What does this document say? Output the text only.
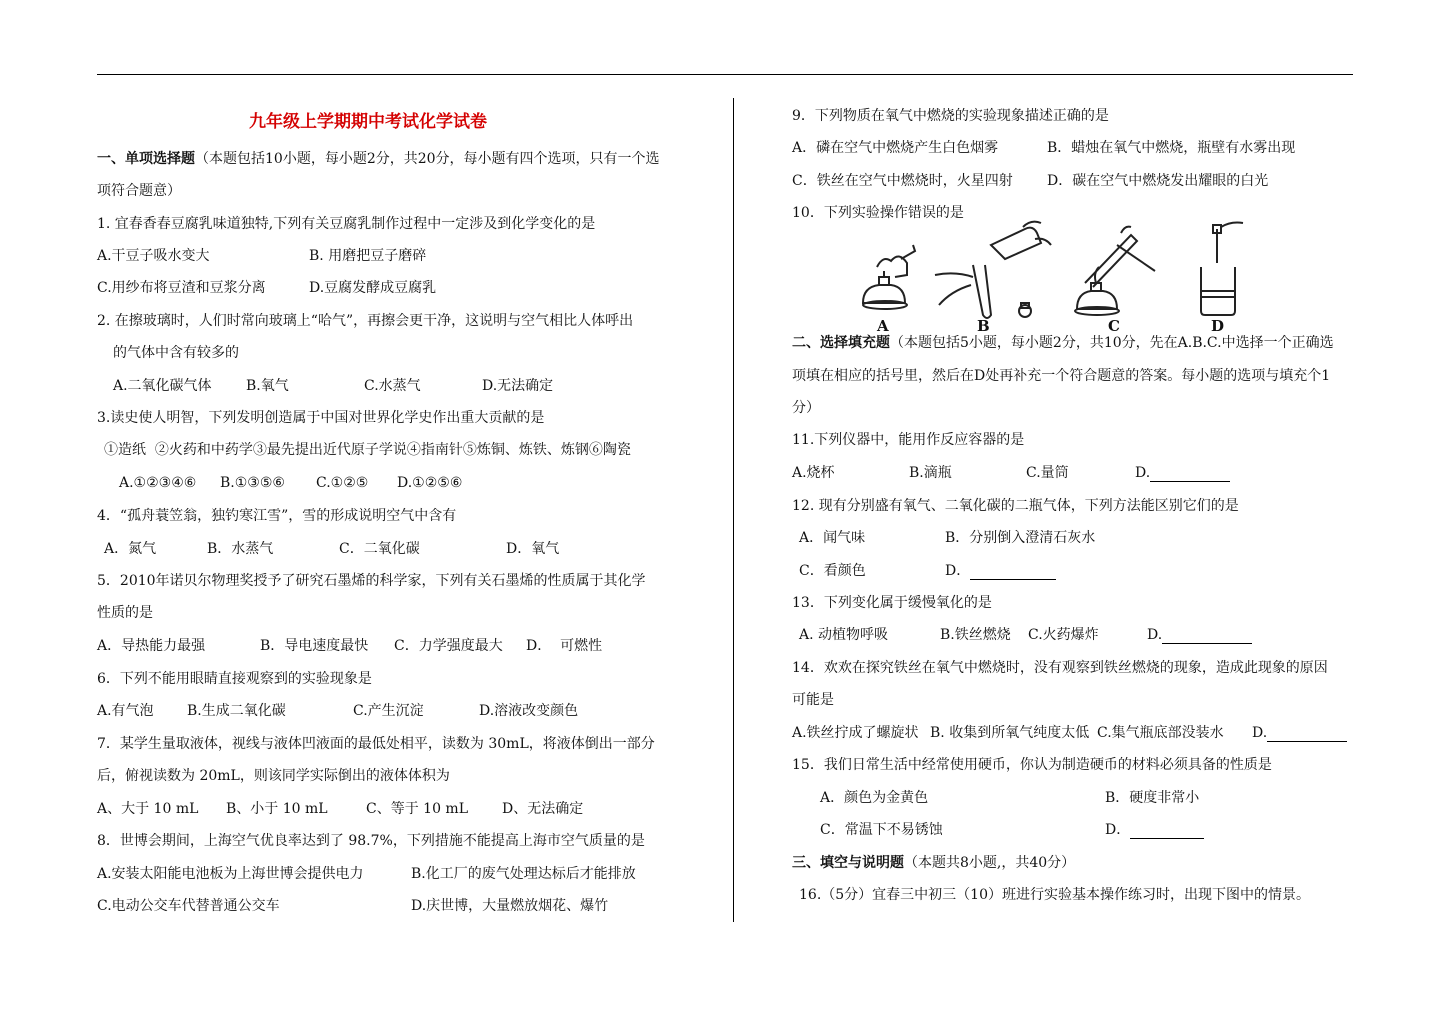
九年级上学期期中考试化学试卷
一、单项选择题（本题包括10小题，每小题2分，共20分，每小题有四个选项，只有一个选
项符合题意）
1. 宜春香春豆腐乳味道独特,下列有关豆腐乳制作过程中一定涉及到化学变化的是
A.干豆子吸水变大	B. 用磨把豆子磨碎
C.用纱布将豆渣和豆浆分离	D.豆腐发酵成豆腐乳
2. 在擦玻璃时，人们时常向玻璃上“哈气”，再擦会更干净，这说明与空气相比人体呼出
的气体中含有较多的
A.二氧化碳气体 B.氧气	C.水蒸气	D.无法确定
3.读史使人明智，下列发明创造属于中国对世界化学史作出重大贡献的是
①造纸  ②火药和中药学③最先提出近代原子学说④指南针⑤炼铜、炼铁、炼钢⑥陶瓷
A.①②③④⑥ B.①③⑤⑥ C.①②⑤ D.①②⑤⑥
4．“孤舟蓑笠翁，独钓寒江雪”，雪的形成说明空气中含有
A．氮气	B．水蒸气	C．二氧化碳	D．氧气
5．2010年诺贝尔物理奖授予了研究石墨烯的科学家，下列有关石墨烯的性质属于其化学
性质的是
A．导热能力最强	B．导电速度最快 C．力学强度最大 D．  可燃性
6．下列不能用眼睛直接观察到的实验现象是
A.有气泡 B.生成二氧化碳	C.产生沉淀	D.溶液改变颜色
7．某学生量取液体，视线与液体凹液面的最低处相平，读数为 30mL，将液体倒出一部分
后，俯视读数为 20mL，则该同学实际倒出的液体体积为
A、大于 10 mL B、小于 10 mL	C、等于 10 mL D、无法确定
8．世博会期间，上海空气优良率达到了 98.7%，下列措施不能提高上海市空气质量的是
A.安装太阳能电池板为上海世博会提供电力	B.化工厂的废气处理达标后才能排放
C.电动公交车代替普通公交车	D.庆世博，大量燃放烟花、爆竹
9．下列物质在氧气中燃烧的实验现象描述正确的是
A．磷在空气中燃烧产生白色烟雾	B．蜡烛在氧气中燃烧，瓶壁有水雾出现
C．铁丝在空气中燃烧时，火星四射 D．碳在空气中燃烧发出耀眼的白光
10．下列实验操作错误的是
A	B	C	D
二、选择填充题（本题包括5小题，每小题2分，共10分，先在A.B.C.中选择一个正确选
项填在相应的括号里，然后在D处再补充一个符合题意的答案。每小题的选项与填充个1
分）
11.下列仪器中，能用作反应容器的是
A.烧杯	B.滴瓶	C.量筒	D.
12. 现有分别盛有氧气、二氧化碳的二瓶气体，下列方法能区别它们的是
A．闻气味	B．分别倒入澄清石灰水
C．看颜色	D．
13．下列变化属于缓慢氧化的是
A. 动植物呼吸	B.铁丝燃烧 C.火药爆炸	D.
14．欢欢在探究铁丝在氧气中燃烧时，没有观察到铁丝燃烧的现象，造成此现象的原因
可能是
A.铁丝拧成了螺旋状 B. 收集到所氧气纯度太低 C.集气瓶底部没装水 D.
15．我们日常生活中经常使用硬币，你认为制造硬币的材料必须具备的性质是
A．颜色为金黄色	B．硬度非常小
C．常温下不易锈蚀	D．
三、填空与说明题（本题共8小题,，共40分）
16.（5分）宜春三中初三（10）班进行实验基本操作练习时，出现下图中的情景。
